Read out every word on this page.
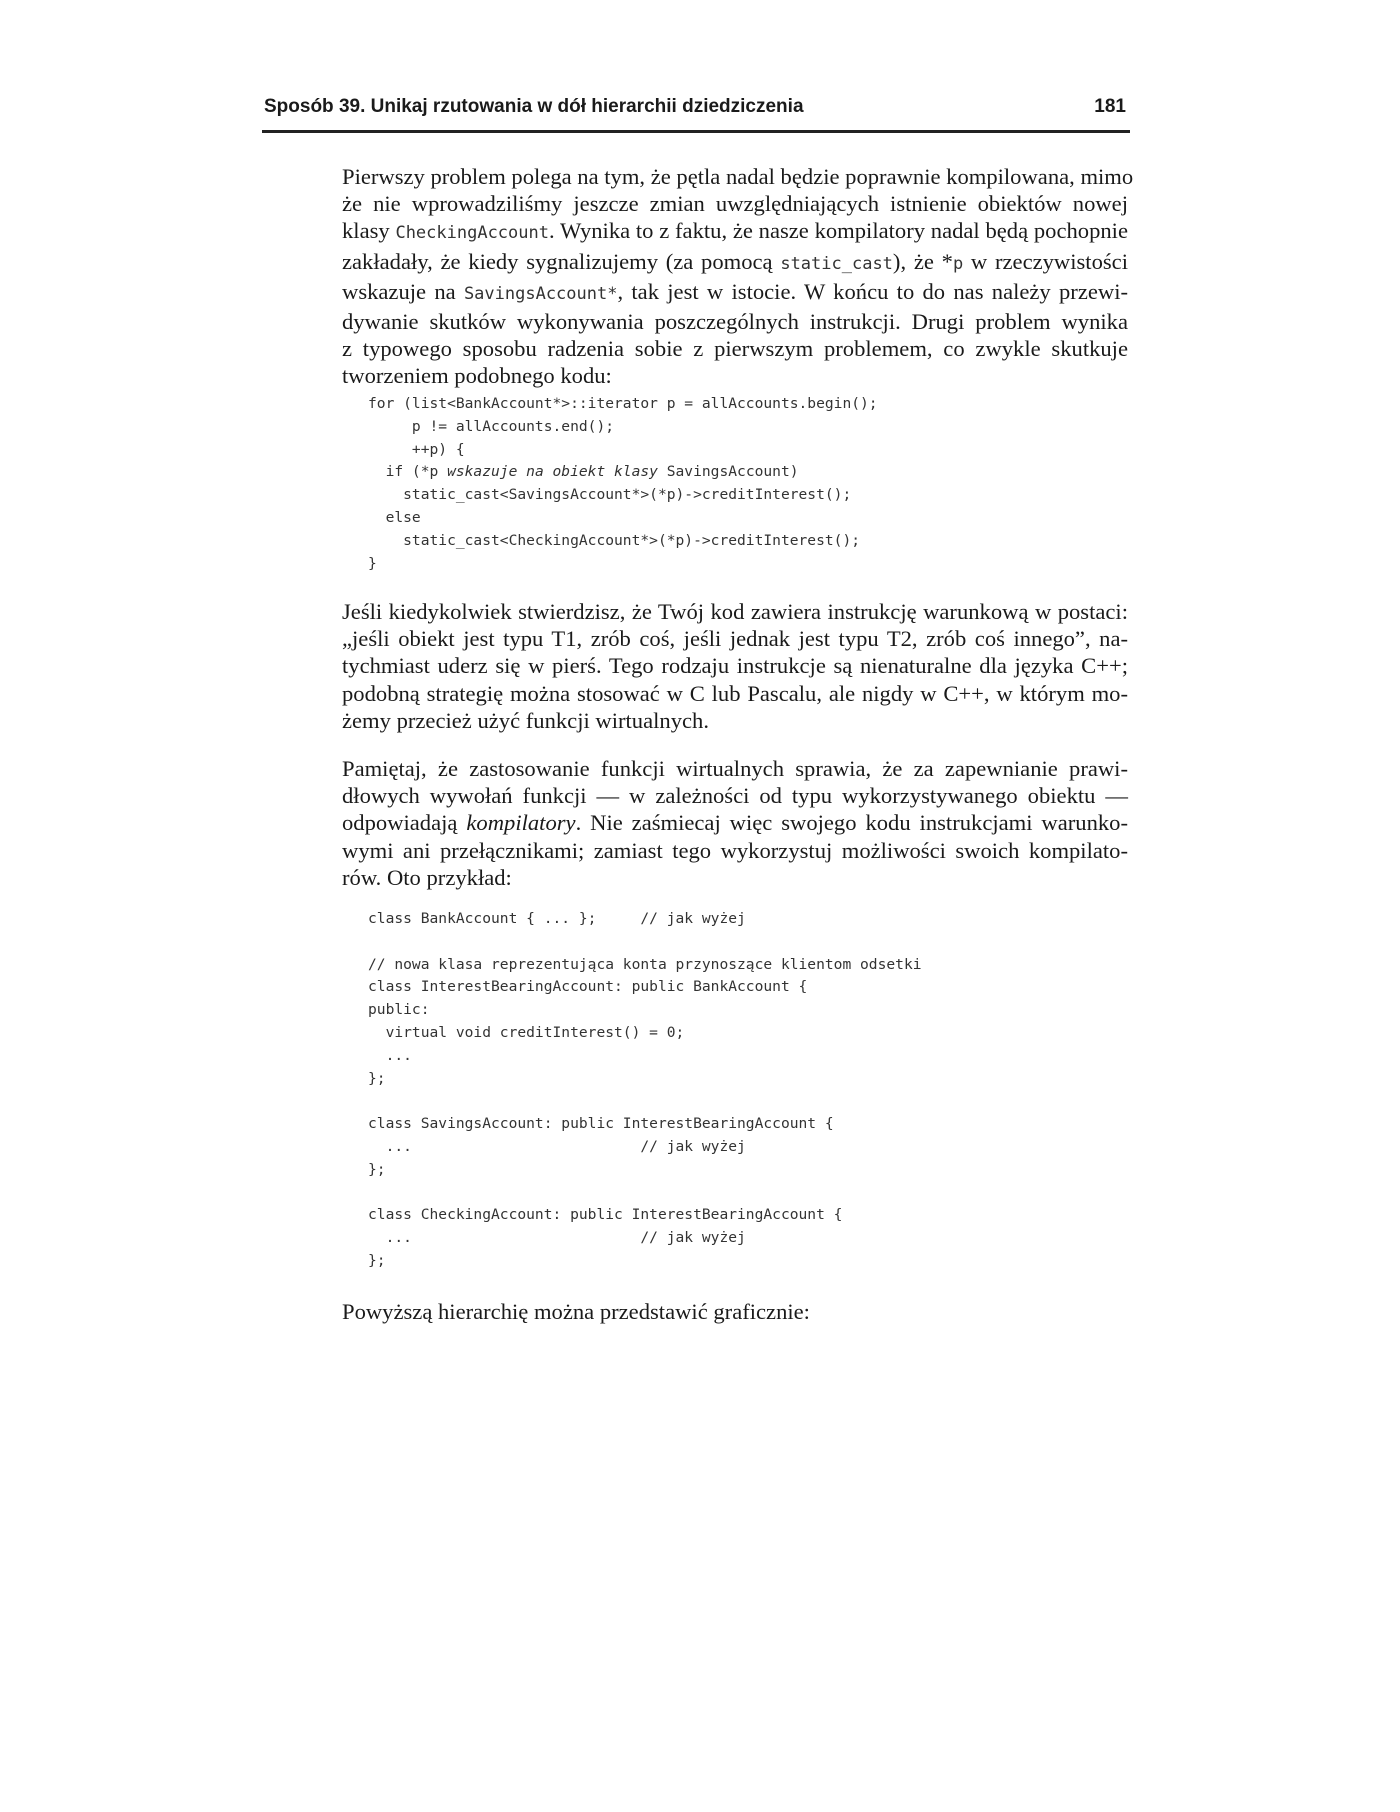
Sposób 39. Unikaj rzutowania w dół hierarchii dziedziczenia	181
Pierwszy problem polega na tym, że pętla nadal będzie poprawnie kompilowana, mimo
że nie wprowadziliśmy jeszcze zmian uwzględniających istnienie obiektów nowej
klasy CheckingAccount. Wynika to z faktu, że nasze kompilatory nadal będą pochopnie
zakładały, że kiedy sygnalizujemy (za pomocą static_cast), że *p w rzeczywistości
wskazuje na SavingsAccount*, tak jest w istocie. W końcu to do nas należy przewi-
dywanie skutków wykonywania poszczególnych instrukcji. Drugi problem wynika
z typowego sposobu radzenia sobie z pierwszym problemem, co zwykle skutkuje
tworzeniem podobnego kodu:
for (list<BankAccount*>::iterator p = allAccounts.begin();
p != allAccounts.end();
++p) {
if (*p wskazuje na obiekt klasy SavingsAccount)
static_cast<SavingsAccount*>(*p)->creditInterest();
else
static_cast<CheckingAccount*>(*p)->creditInterest();
}
Jeśli kiedykolwiek stwierdzisz, że Twój kod zawiera instrukcję warunkową w postaci:
„jeśli obiekt jest typu T1, zrób coś, jeśli jednak jest typu T2, zrób coś innego”, na-
tychmiast uderz się w pierś. Tego rodzaju instrukcje są nienaturalne dla języka C++;
podobną strategię można stosować w C lub Pascalu, ale nigdy w C++, w którym mo-
żemy przecież użyć funkcji wirtualnych.
Pamiętaj, że zastosowanie funkcji wirtualnych sprawia, że za zapewnianie prawi-
dłowych wywołań funkcji — w zależności od typu wykorzystywanego obiektu —
odpowiadają kompilatory. Nie zaśmiecaj więc swojego kodu instrukcjami warunko-
wymi ani przełącznikami; zamiast tego wykorzystuj możliwości swoich kompilato-
rów. Oto przykład:
class BankAccount { ... };     // jak wyżej

// nowa klasa reprezentująca konta przynoszące klientom odsetki
class InterestBearingAccount: public BankAccount {
public:
virtual void creditInterest() = 0;
...
};

class SavingsAccount: public InterestBearingAccount {
...                          // jak wyżej
};

class CheckingAccount: public InterestBearingAccount {
...                          // jak wyżej
};
Powyższą hierarchię można przedstawić graficznie:
